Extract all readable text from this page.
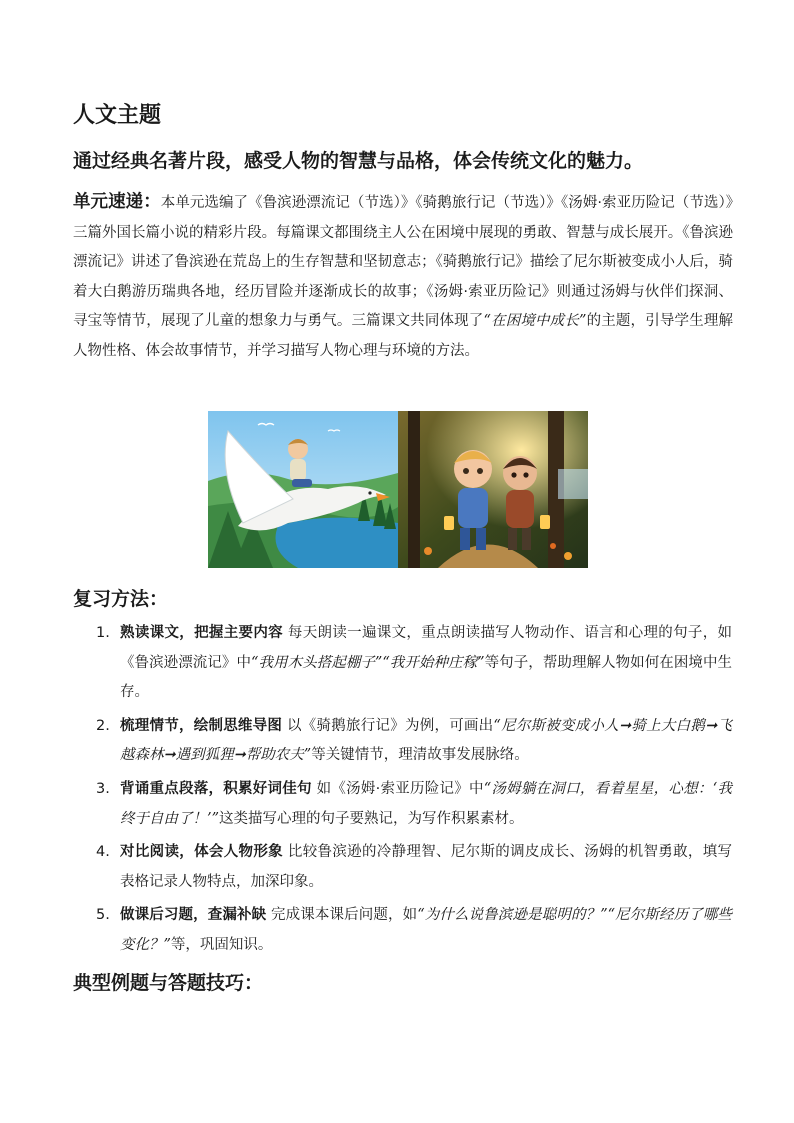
人文主题
通过经典名著片段，感受人物的智慧与品格，体会传统文化的魅力。

单元速递：本单元选编了《鲁滨逊漂流记（节选）》《骑鹅旅行记（节选）》《汤姆·索亚历险记（节选）》三篇外国长篇小说的精彩片段。每篇课文都围绕主人公在困境中展现的勇敢、智慧与成长展开。《鲁滨逊漂流记》讲述了鲁滨逊在荒岛上的生存智慧和坚韧意志；《骑鹅旅行记》描绘了尼尔斯被变成小人后，骑着大白鹅游历瑞典各地，经历冒险并逐渐成长的故事；《汤姆·索亚历险记》则通过汤姆与伙伴们探洞、寻宝等情节，展现了儿童的想象力与勇气。三篇课文共同体现了“在困境中成长”的主题，引导学生理解人物性格、体会故事情节，并学习描写人物心理与环境的方法。

复习方法：
1. 熟读课文，把握主要内容 每天朗读一遍课文，重点朗读描写人物动作、语言和心理的句子，如《鲁滨逊漂流记》中“我用木头搭起棚子”“我开始种庄稼”等句子，帮助理解人物如何在困境中生存。
2. 梳理情节，绘制思维导图 以《骑鹅旅行记》为例，可画出“尼尔斯被变成小人➞骑上大白鹅➞飞越森林➞遇到狐狸➞帮助农夫”等关键情节，理清故事发展脉络。
3. 背诵重点段落，积累好词佳句 如《汤姆·索亚历险记》中“汤姆躺在洞口，看着星星，心想：‘我终于自由了！’”这类描写心理的句子要熟记，为写作积累素材。
4. 对比阅读，体会人物形象 比较鲁滨逊的冷静理智、尼尔斯的调皮成长、汤姆的机智勇敢，填写表格记录人物特点，加深印象。
5. 做课后习题，查漏补缺 完成课本课后问题，如“为什么说鲁滨逊是聪明的？”“尼尔斯经历了哪些变化？”等，巩固知识。
典型例题与答题技巧：
